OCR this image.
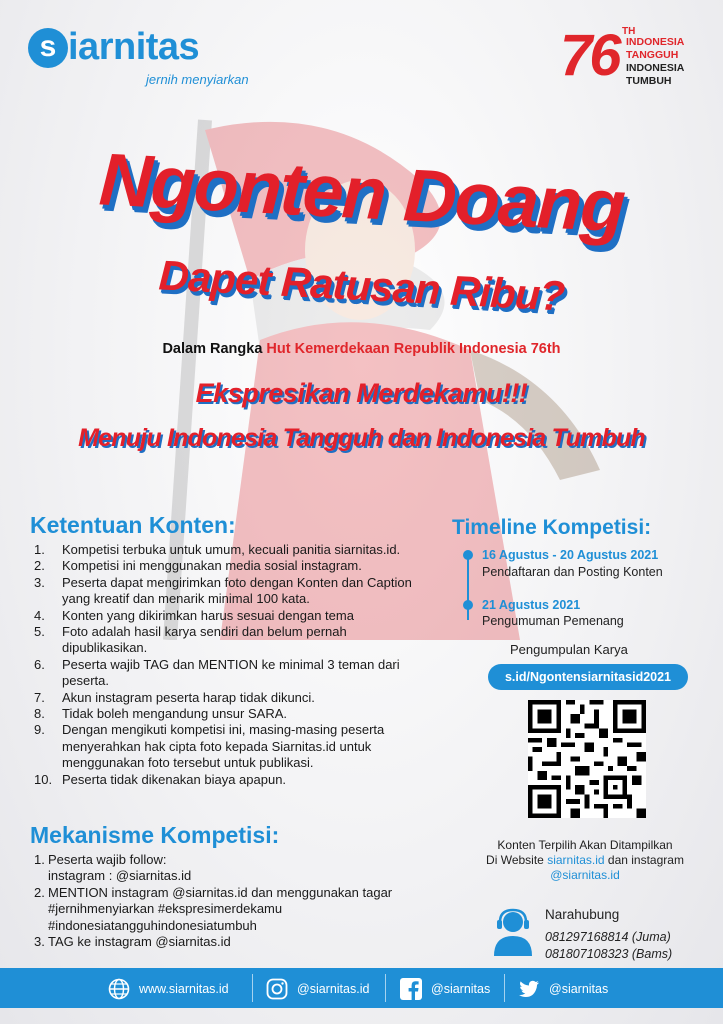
s iarnitas
jernih menyiarkan	76 TH
INDONESIA
TANGGUH
INDONESIA
TUMBUH
Ngonten Doang
Dapet Ratusan Ribu?
Dalam Rangka Hut Kemerdekaan Republik Indonesia 76th
Ekspresikan Merdekamu!!!
Menuju Indonesia Tangguh dan Indonesia Tumbuh
Ketentuan Konten:
1.	Kompetisi terbuka untuk umum, kecuali panitia siarnitas.id.
2.	Kompetisi ini menggunakan media sosial instagram.
3.	Peserta dapat mengirimkan foto dengan Konten dan Caption yang kreatif dan menarik minimal 100 kata.
4.	Konten yang dikirimkan harus sesuai dengan tema
5.	Foto adalah hasil karya sendiri dan belum pernah dipublikasikan.
6.	Peserta wajib TAG dan MENTION ke minimal 3 teman dari peserta.
7.	Akun instagram peserta harap tidak dikunci.
8.	Tidak boleh mengandung unsur SARA.
9.	Dengan mengikuti kompetisi ini, masing-masing peserta menyerahkan hak cipta foto kepada Siarnitas.id untuk menggunakan foto tersebut untuk publikasi.
10. Peserta tidak dikenakan biaya apapun.
Mekanisme Kompetisi:
1. Peserta wajib follow:
instagram : @siarnitas.id
2. MENTION instagram @siarnitas.id dan menggunakan tagar
#jernihmenyiarkan #ekspresimerdekamu
#indonesiatangguhindonesiatumbuh
3. TAG ke instagram @siarnitas.id
Timeline Kompetisi:
16 Agustus - 20 Agustus 2021
Pendaftaran dan Posting Konten
21 Agustus 2021
Pengumuman Pemenang
Pengumpulan Karya
s.id/Ngontensiarnitasid2021
Konten Terpilih Akan Ditampilkan
Di Website siarnitas.id dan instagram
@siarnitas.id
Narahubung
081297168814 (Juma)
081807108323 (Bams)
www.siarnitas.id	@siarnitas.id	@siarnitas	@siarnitas
